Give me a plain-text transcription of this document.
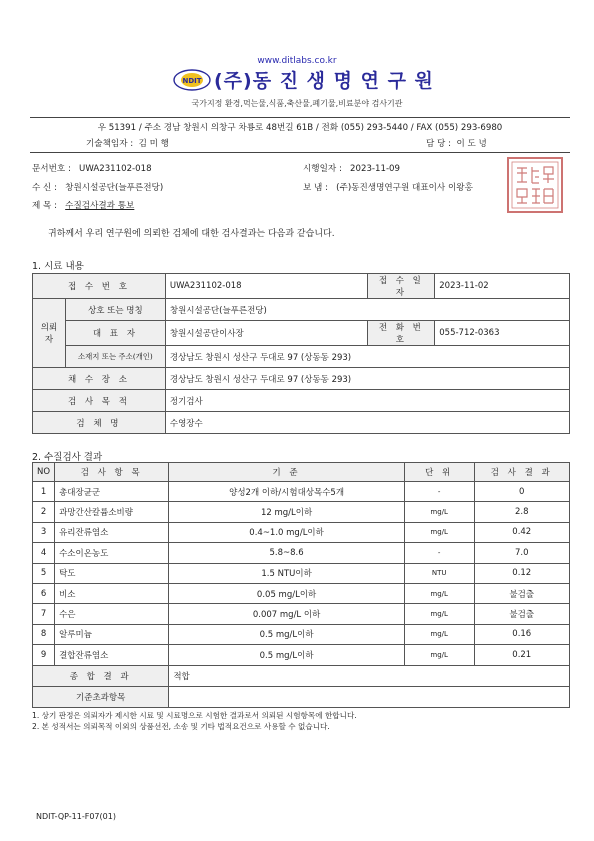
www.ditlabs.co.kr
NDIT (주)동 진 생 명 연 구 원
국가지정 환경,먹는물,식품,축산물,폐기물,비료분야 검사기관
우 51391 / 주소 경남 창원시 의창구 차룡로 48번길 61B / 전화 (055) 293-5440 / FAX (055) 293-6980
기술책임자 : 김 미 행	담 당 : 이 도 녕
문서번호 : UWA231102-018	시행일자 : 2023-11-09
수 신 : 창원시설공단(늘푸른전당)	보 냄 : (주)동진생명연구원 대표이사 이왕홍
제 목 : 수질검사결과 통보
귀하께서 우리 연구원에 의뢰한 검체에 대한 검사결과는 다음과 같습니다.
1. 시료 내용
접 수 번 호		UWA231102-018	접 수 일 자	2023-11-02
의뢰자	상호 또는 명칭	창원시설공단(늘푸른전당)		
	대 표 자	창원시설공단이사장	전 화 번 호	055-712-0363
	소재지 또는 주소(개인)	경상남도 창원시 성산구 두대로 97 (상동동 293)		
채 수 장 소		경상남도 창원시 성산구 두대로 97 (상동동 293)		
검 사 목 적		정기검사		
검 체 명		수영장수		
2. 수질검사 결과
NO	검 사 항 목	기 준	단 위	검 사 결 과
1	총대장균군	양성2개 이하/시험대상목수5개	-	0
2	과망간산칼륨소비량	12 mg/L이하	mg/L	2.8
3	유리잔류염소	0.4~1.0 mg/L이하	mg/L	0.42
4	수소이온농도	5.8~8.6	-	7.0
5	탁도	1.5 NTU이하	NTU	0.12
6	비소	0.05 mg/L이하	mg/L	불검출
7	수은	0.007 mg/L 이하	mg/L	불검출
8	알루미늄	0.5 mg/L이하	mg/L	0.16
9	결합잔류염소	0.5 mg/L이하	mg/L	0.21
종 합 결 과		적합		
기준초과항목				
1. 상기 판정은 의뢰자가 제시한 시료 및 시료명으로 시험한 결과로서 의뢰된 시험항목에 한합니다.
2. 본 성적서는 의뢰목적 이외의 상품선전, 소송 및 기타 법적요건으로 사용할 수 없습니다.
NDIT-QP-11-F07(01)
